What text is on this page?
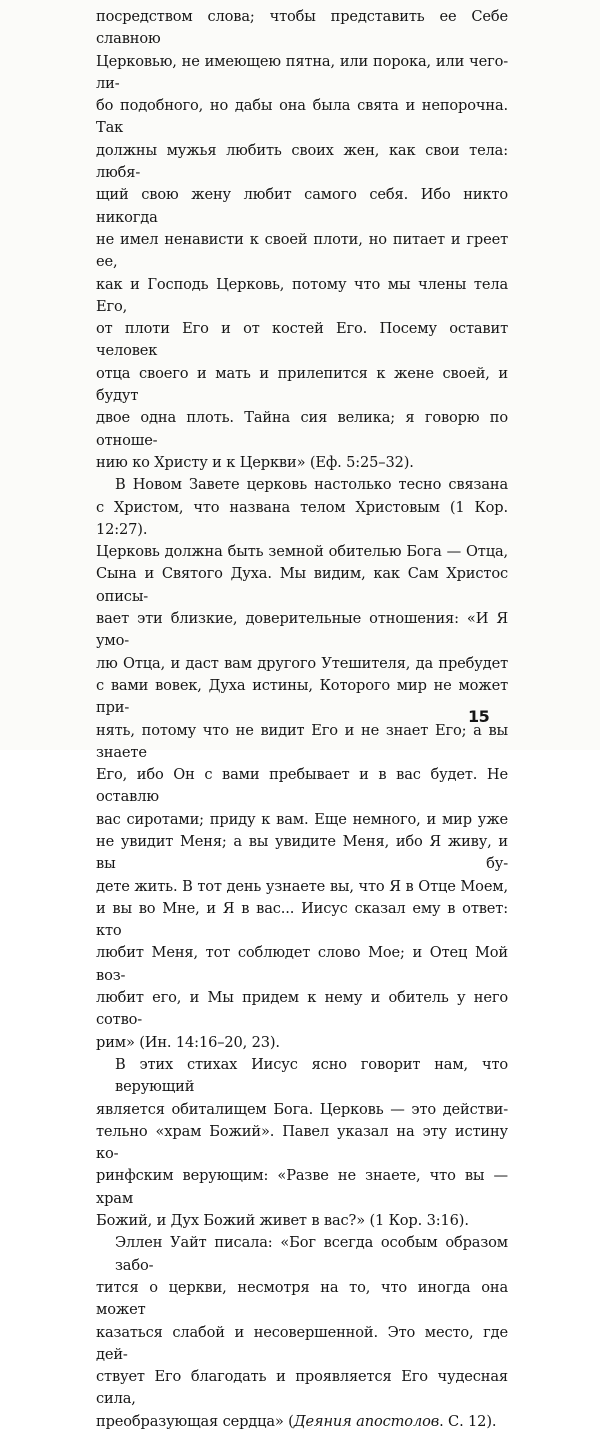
посредством слова; чтобы представить ее Себе славною
Церковью, не имеющею пятна, или порока, или чего-ли-
бо подобного, но дабы она была свята и непорочна. Так
должны мужья любить своих жен, как свои тела: любя-
щий свою жену любит самого себя. Ибо никто никогда
не имел ненависти к своей плоти, но питает и греет ее,
как и Господь Церковь, потому что мы члены тела Его,
от плоти Его и от костей Его. Посему оставит человек
отца своего и мать и прилепится к жене своей, и будут
двое одна плоть. Тайна сия велика; я говорю по отноше-
нию ко Христу и к Церкви» (Еф. 5:25–32).
В Новом Завете церковь настолько тесно связана
с Христом, что названа телом Христовым (1 Кор. 12:27).
Церковь должна быть земной обителью Бога — Отца,
Сына и Святого Духа. Мы видим, как Сам Христос описы-
вает эти близкие, доверительные отношения: «И Я умо-
лю Отца, и даст вам другого Утешителя, да пребудет
с вами вовек, Духа истины, Которого мир не может при-
нять, потому что не видит Его и не знает Его; а вы знаете
Его, ибо Он с вами пребывает и в вас будет. Не оставлю
вас сиротами; приду к вам. Еще немного, и мир уже
не увидит Меня; а вы увидите Меня, ибо Я живу, и вы бу-
дете жить. В тот день узнаете вы, что Я в Отце Моем,
и вы во Мне, и Я в вас... Иисус сказал ему в ответ: кто
любит Меня, тот соблюдет слово Мое; и Отец Мой воз-
любит его, и Мы придем к нему и обитель у него сотво-
рим» (Ин. 14:16–20, 23).
В этих стихах Иисус ясно говорит нам, что верующий
является обиталищем Бога. Церковь — это действи-
тельно «храм Божий». Павел указал на эту истину ко-
ринфским верующим: «Разве не знаете, что вы — храм
Божий, и Дух Божий живет в вас?» (1 Кор. 3:16).
Эллен Уайт писала: «Бог всегда особым образом забо-
тится о церкви, несмотря на то, что иногда она может
казаться слабой и несовершенной. Это место, где дей-
ствует Его благодать и проявляется Его чудесная сила,
преобразующая сердца» (Деяния апостолов. С. 12).
15
